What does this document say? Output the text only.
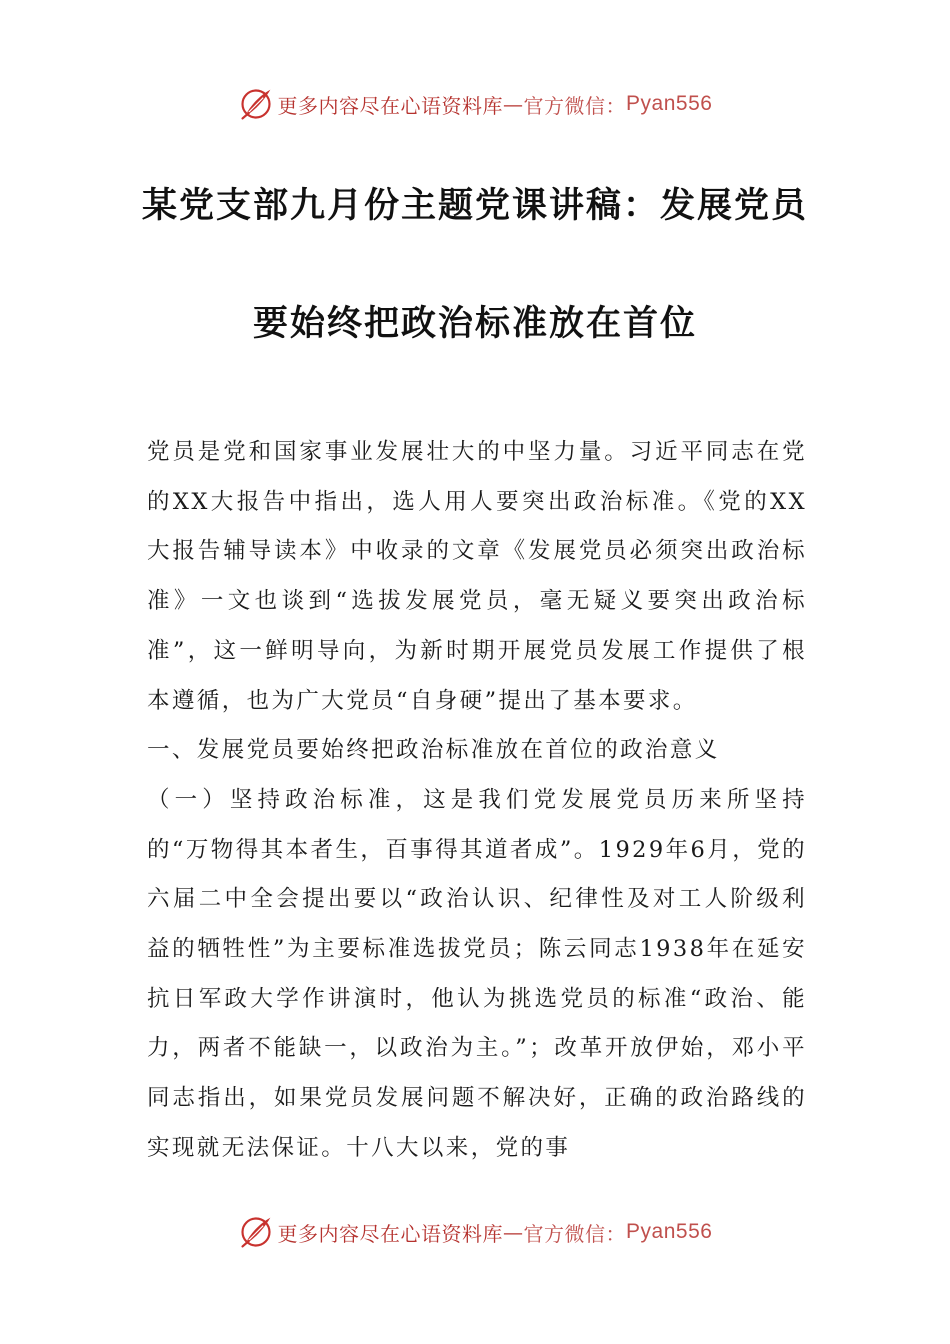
更多内容尽在心语资料库 — 官方微信： Pyan556
某党支部九月份主题党课讲稿：发展党员
要始终把政治标准放在首位

党员是党和国家事业发展壮大的中坚力量。习近平同志在党的XX大报告中指出，选人用人要突出政治标准。《党的XX大报告辅导读本》中收录的文章《发展党员必须突出政治标准》一文也谈到“选拔发展党员，毫无疑义要突出政治标准”，这一鲜明导向，为新时期开展党员发展工作提供了根本遵循，也为广大党员“自身硬”提出了基本要求。

一、发展党员要始终把政治标准放在首位的政治意义

（一）坚持政治标准，这是我们党发展党员历来所坚持的“万物得其本者生，百事得其道者成”。1929年6月，党的六届二中全会提出要以“政治认识、纪律性及对工人阶级利益的牺牲性”为主要标准选拔党员；陈云同志1938年在延安抗日军政大学作讲演时，他认为挑选党员的标准“政治、能力，两者不能缺一，以政治为主。”；改革开放伊始，邓小平同志指出，如果党员发展问题不解决好，正确的政治路线的实现就无法保证。十八大以来，党的事

更多内容尽在心语资料库 — 官方微信： Pyan556
